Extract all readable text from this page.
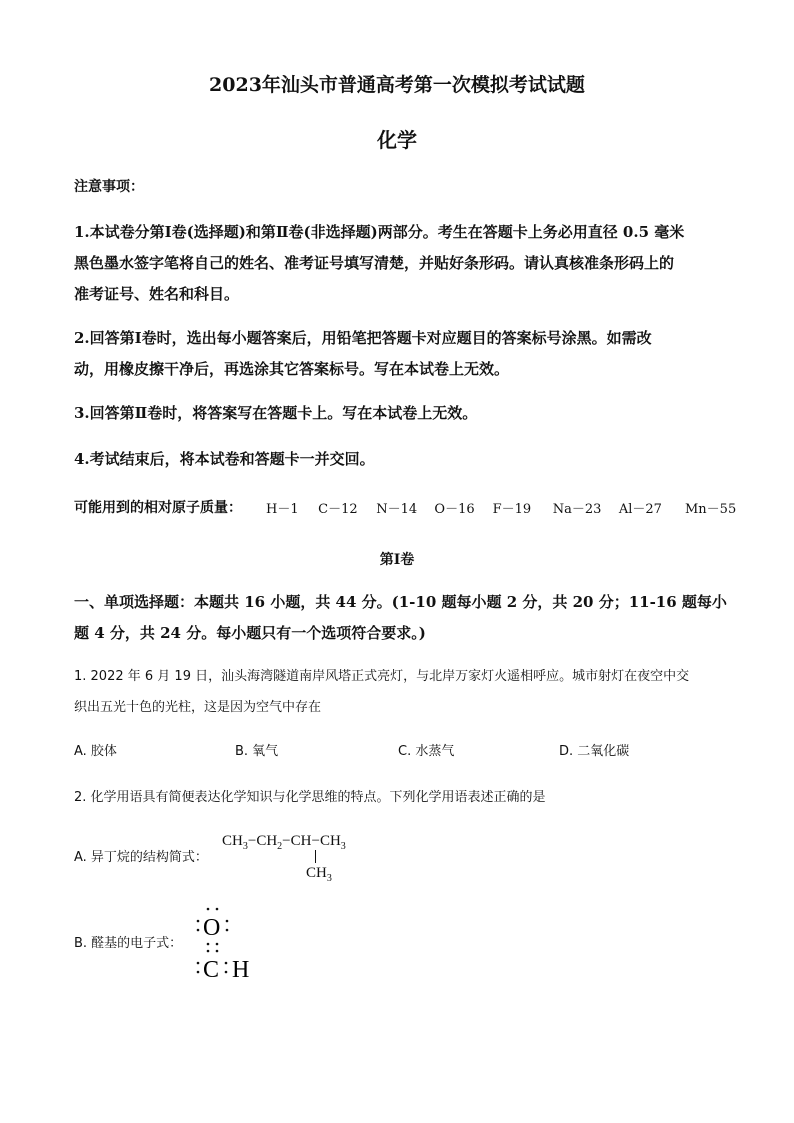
2023年汕头市普通高考第一次模拟考试试题
化学
注意事项：
1.本试卷分第Ⅰ卷(选择题)和第Ⅱ卷(非选择题)两部分。考生在答题卡上务必用直径 0.5 毫米
黑色墨水签字笔将自己的姓名、准考证号填写清楚，并贴好条形码。请认真核准条形码上的
准考证号、姓名和科目。
2.回答第Ⅰ卷时，选出每小题答案后，用铅笔把答题卡对应题目的答案标号涂黑。如需改
动，用橡皮擦干净后，再选涂其它答案标号。写在本试卷上无效。
3.回答第Ⅱ卷时，将答案写在答题卡上。写在本试卷上无效。
4.考试结束后，将本试卷和答题卡一并交回。
可能用到的相对原子质量： H－1 C－12 N－14 O－16 F－19 Na－23 Al－27 Mn－55
第Ⅰ卷
一、单项选择题：本题共 16 小题，共 44 分。(1-10 题每小题 2 分，共 20 分；11-16 题每小
题 4 分，共 24 分。每小题只有一个选项符合要求。)
1. 2022 年 6 月 19 日，汕头海湾隧道南岸风塔正式亮灯，与北岸万家灯火遥相呼应。城市射灯在夜空中交
织出五光十色的光柱，这是因为空气中存在
A. 胶体	B. 氧气	C. 水蒸气	D. 二氧化碳
2. 化学用语具有简便表达化学知识与化学思维的特点。下列化学用语表述正确的是
A. 异丁烷的结构简式：
$CH_3-CH_2-CH-CH_3$
$CH_3$
B. 醛基的电子式：
O
C H
